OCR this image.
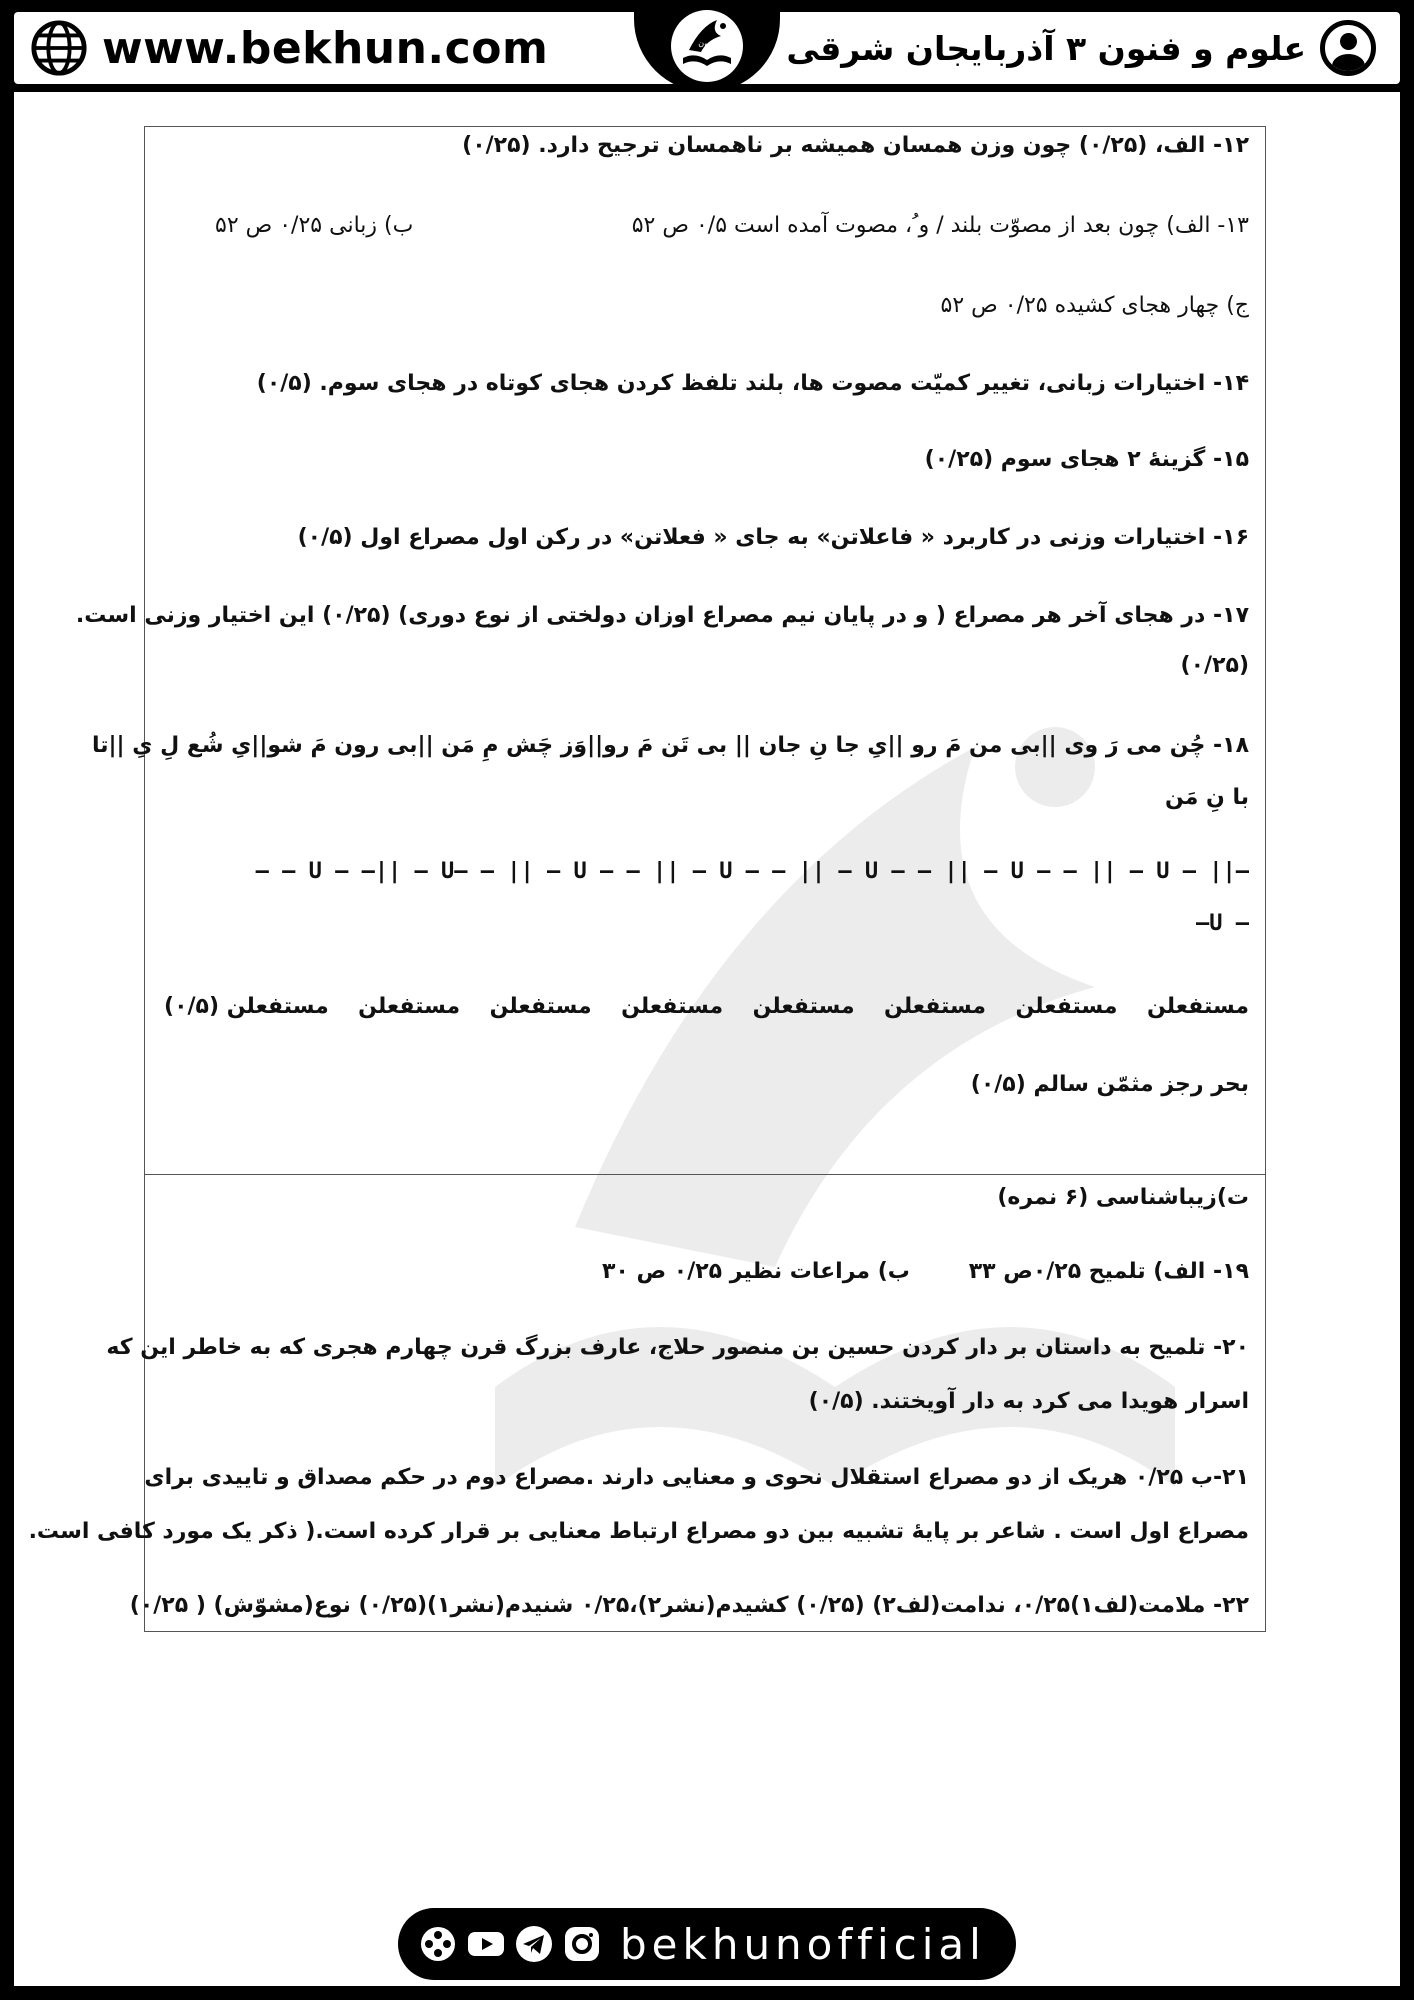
علوم و فنون ۳ آذربایجان شرقی
www.bekhun.com	بخون
۱۲- الف، (۰/۲۵) چون وزن همسان همیشه بر ناهمسان ترجیح دارد. (۰/۲۵)
۱۳- الف) چون بعد از مصوّت بلند / و ُ، مصوت آمده است ۰/۵ ص ۵۲
ب) زبانی ۰/۲۵ ص ۵۲
ج) چهار هجای کشیده ۰/۲۵ ص ۵۲
۱۴- اختیارات زبانی، تغییر کمیّت مصوت ها، بلند تلفظ کردن هجای کوتاه در هجای سوم. (۰/۵)
۱۵- گزینۀ ۲ هجای سوم (۰/۲۵)
۱۶- اختیارات وزنی در کاربرد « فاعلاتن» به جای « فعلاتن» در رکن اول مصراع اول (۰/۵)
۱۷- در هجای آخر هر مصراع ( و در پایان نیم مصراع اوزان دولختی از نوع دوری) (۰/۲۵) این اختیار وزنی است.
(۰/۲۵)
۱۸- چُن می رَ وی ||بی من مَ رو ||یِ جا نِ جان || بی تَن مَ رو||وَز چَش مِ مَن ||بی رون مَ شو||یِ شُع لِ یِ ||تا
با نِ مَن
– – U – –|| – U– – || – U – – || – U – – || – U – – || – U – – || – U – ||–
–U –
مستفعلن
مستفعلن
مستفعلن
مستفعلن
مستفعلن
مستفعلن
مستفعلن
مستفعلن (۰/۵)
بحر رجز مثمّن سالم (۰/۵)
ت)زیباشناسی (۶ نمره)
۱۹- الف) تلمیح ۰/۲۵ص ۳۳
ب) مراعات نظیر ۰/۲۵ ص ۳۰
۲۰- تلمیح به داستان بر دار کردن حسین بن منصور حلاج، عارف بزرگ قرن چهارم هجری که به خاطر این که
اسرار هویدا می کرد به دار آویختند. (۰/۵)
۲۱-ب ۰/۲۵ هریک از دو مصراع استقلال نحوی و معنایی دارند .مصراع دوم در حکم مصداق و تاییدی برای
مصراع اول است . شاعر بر پایۀ تشبیه بین دو مصراع ارتباط معنایی بر قرار کرده است.( ذکر یک مورد کافی است.
۲۲- ملامت(لف۱)۰/۲۵، ندامت(لف۲) (۰/۲۵) کشیدم(نشر۲)،۰/۲۵ شنیدم(نشر۱)(۰/۲۵) نوع(مشوّش) ( ۰/۲۵)
bekhunofficial
